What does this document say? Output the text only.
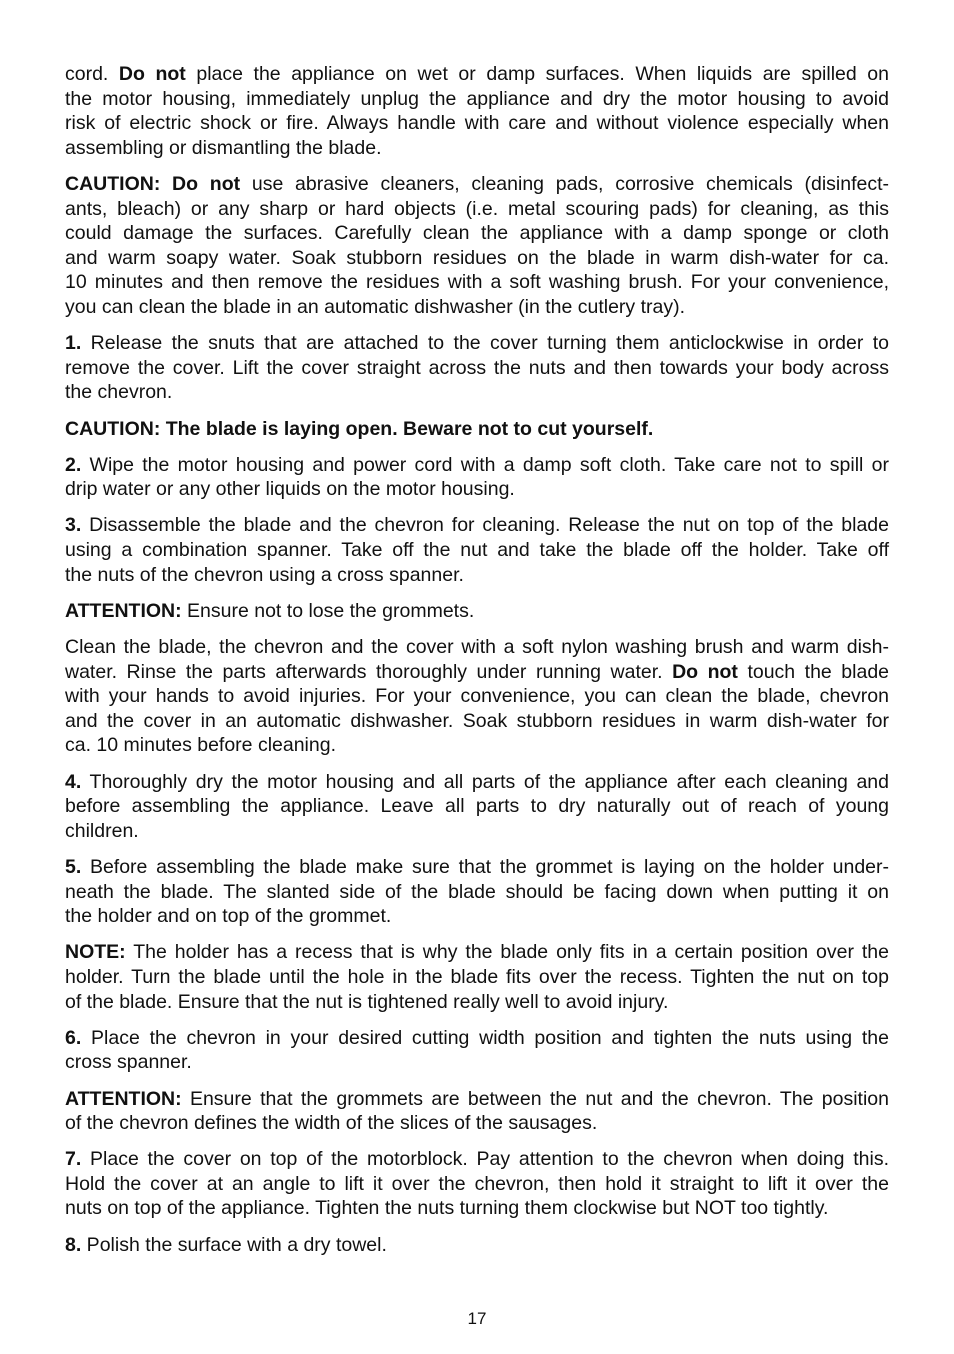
cord. Do not place the appliance on wet or damp surfaces. When liquids are spilled on
the motor housing, immediately unplug the appliance and dry the motor housing to avoid
risk of electric shock or fire. Always handle with care and without violence especially when
assembling or dismantling the blade.
CAUTION: Do not use abrasive cleaners, cleaning pads, corrosive chemicals (disinfect-
ants, bleach) or any sharp or hard objects (i.e. metal scouring pads) for cleaning, as this
could damage the surfaces. Carefully clean the appliance with a damp sponge or cloth
and warm soapy water. Soak stubborn residues on the blade in warm dish-water for ca.
10 minutes and then remove the residues with a soft washing brush. For your convenience,
you can clean the blade in an automatic dishwasher (in the cutlery tray).
1. Release the snuts that are attached to the cover turning them anticlockwise in order to
remove the cover. Lift the cover straight across the nuts and then towards your body across
the chevron.
CAUTION: The blade is laying open. Beware not to cut yourself.
2. Wipe the motor housing and power cord with a damp soft cloth. Take care not to spill or
drip water or any other liquids on the motor housing.
3. Disassemble the blade and the chevron for cleaning. Release the nut on top of the blade
using a combination spanner. Take off the nut and take the blade off the holder. Take off
the nuts of the chevron using a cross spanner.
ATTENTION: Ensure not to lose the grommets.
Clean the blade, the chevron and the cover with a soft nylon washing brush and warm dish-
water. Rinse the parts afterwards thoroughly under running water. Do not touch the blade
with your hands to avoid injuries. For your convenience, you can clean the blade, chevron
and the cover in an automatic dishwasher. Soak stubborn residues in warm dish-water for
ca. 10 minutes before cleaning.
4. Thoroughly dry the motor housing and all parts of the appliance after each cleaning and
before assembling the appliance. Leave all parts to dry naturally out of reach of young
children.
5. Before assembling the blade make sure that the grommet is laying on the holder under-
neath the blade. The slanted side of the blade should be facing down when putting it on
the holder and on top of the grommet.
NOTE: The holder has a recess that is why the blade only fits in a certain position over the
holder. Turn the blade until the hole in the blade fits over the recess. Tighten the nut on top
of the blade. Ensure that the nut is tightened really well to avoid injury.
6. Place the chevron in your desired cutting width position and tighten the nuts using the
cross spanner.
ATTENTION: Ensure that the grommets are between the nut and the chevron. The position
of the chevron defines the width of the slices of the sausages.
7. Place the cover on top of the motorblock. Pay attention to the chevron when doing this.
Hold the cover at an angle to lift it over the chevron, then hold it straight to lift it over the
nuts on top of the appliance. Tighten the nuts turning them clockwise but NOT too tightly.
8. Polish the surface with a dry towel.
17
